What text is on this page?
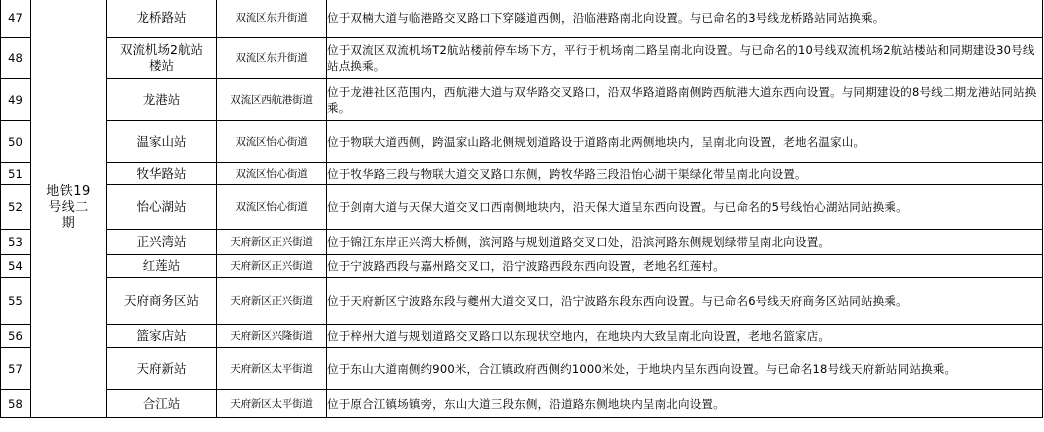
47	地铁19号线二期	龙桥路站	双流区东升街道	位于双楠大道与临港路交叉路口下穿隧道西侧，沿临港路南北向设置。与已命名的3号线龙桥路站同站换乘。
48		双流机场2航站楼站	双流区东升街道	位于双流区双流机场T2航站楼前停车场下方，平行于机场南二路呈南北向设置。与已命名的10号线双流机场2航站楼站和同期建设30号线站点换乘。
49		龙港站	双流区西航港街道	位于龙港社区范围内，西航港大道与双华路交叉路口，沿双华路道路南侧跨西航港大道东西向设置。与同期建设的8号线二期龙港站同站换乘。
50		温家山站	双流区怡心街道	位于物联大道西侧，跨温家山路北侧规划道路设于道路南北两侧地块内，呈南北向设置，老地名温家山。
51		牧华路站	双流区怡心街道	位于牧华路三段与物联大道交叉路口东侧，跨牧华路三段沿怡心湖干渠绿化带呈南北向设置。
52		怡心湖站	双流区怡心街道	位于剑南大道与天保大道交叉口西南侧地块内，沿天保大道呈东西向设置。与已命名的5号线怡心湖站同站换乘。
53		正兴湾站	天府新区正兴街道	位于锦江东岸正兴湾大桥侧，滨河路与规划道路交叉口处，沿滨河路东侧规划绿带呈南北向设置。
54		红莲站	天府新区正兴街道	位于宁波路西段与嘉州路交叉口，沿宁波路西段东西向设置，老地名红莲村。
55		天府商务区站	天府新区正兴街道	位于天府新区宁波路东段与夔州大道交叉口，沿宁波路东段东西向设置。与已命名6号线天府商务区站同站换乘。
56		篮家店站	天府新区兴隆街道	位于梓州大道与规划道路交叉路口以东现状空地内，在地块内大致呈南北向设置，老地名篮家店。
57		天府新站	天府新区太平街道	位于东山大道南侧约900米，合江镇政府西侧约1000米处，于地块内呈东西向设置。与已命名18号线天府新站同站换乘。
58		合江站	天府新区太平街道	位于原合江镇场镇旁，东山大道三段东侧，沿道路东侧地块内呈南北向设置。
